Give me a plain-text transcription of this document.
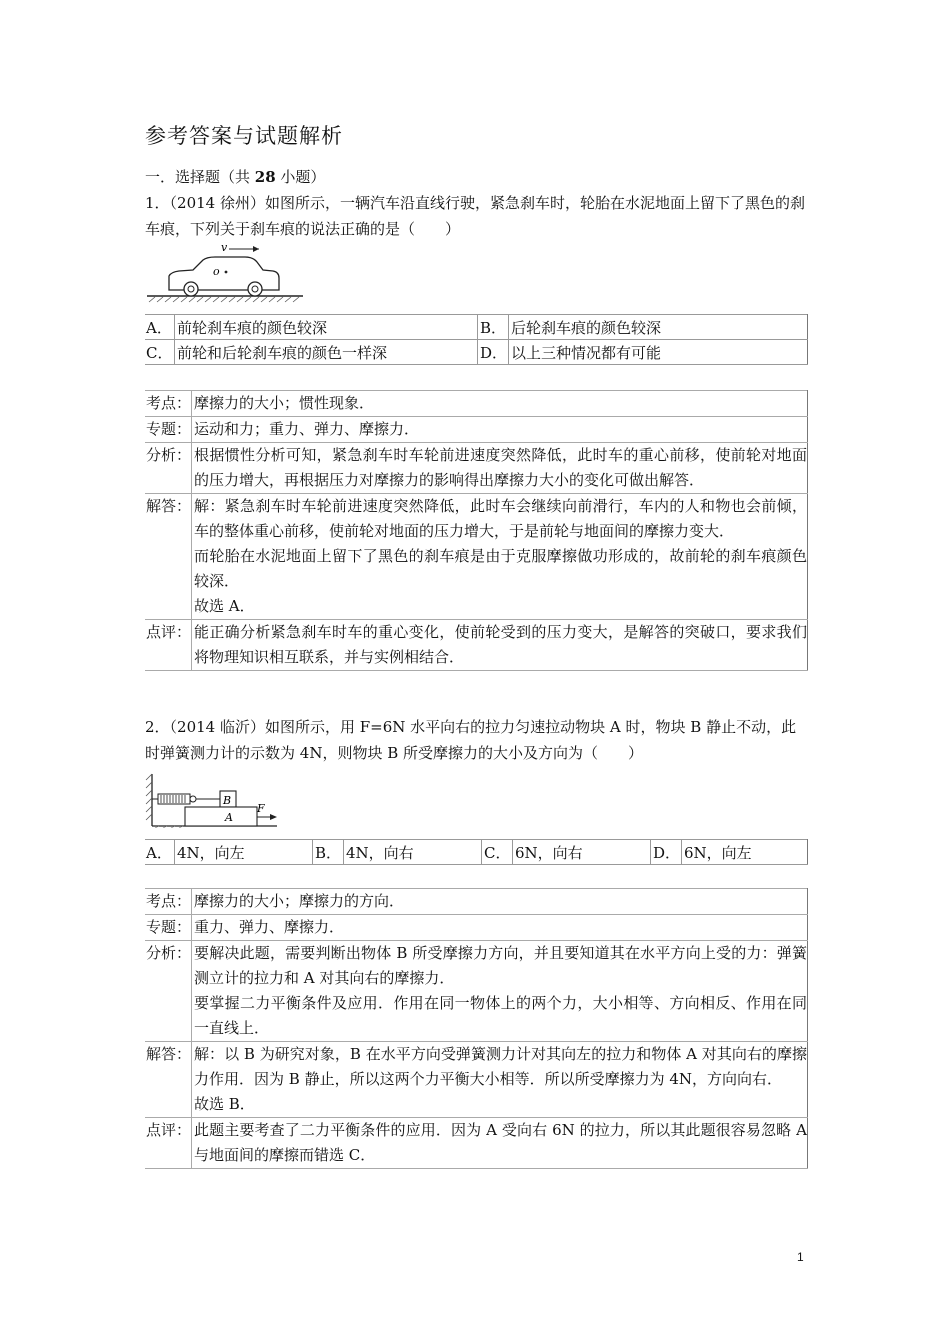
参考答案与试题解析
一．选择题（共 28 小题）
1．（2014 徐州）如图所示，一辆汽车沿直线行驶，紧急刹车时，轮胎在水泥地面上留下了黑色的刹车痕，下列关于刹车痕的说法正确的是（　　）
o
v
A．	前轮刹车痕的颜色较深	B．	后轮刹车痕的颜色较深
C．	前轮和后轮刹车痕的颜色一样深	D．	以上三种情况都有可能
考点：	摩擦力的大小；惯性现象．
专题：	运动和力；重力、弹力、摩擦力．
分析：	根据惯性分析可知，紧急刹车时车轮前进速度突然降低，此时车的重心前移，使前轮对地面的压力增大，再根据压力对摩擦力的影响得出摩擦力大小的变化可做出解答．
解答：	解：紧急刹车时车轮前进速度突然降低，此时车会继续向前滑行，车内的人和物也会前倾，车的整体重心前移，使前轮对地面的压力增大，于是前轮与地面间的摩擦力变大．
而轮胎在水泥地面上留下了黑色的刹车痕是由于克服摩擦做功形成的，故前轮的刹车痕颜色较深．
故选 A．

点评：	能正确分析紧急刹车时车的重心变化，使前轮受到的压力变大，是解答的突破口，要求我们将物理知识相互联系，并与实例相结合．
2．（2014 临沂）如图所示，用 F=6N 水平向右的拉力匀速拉动物块 A 时，物块 B 静止不动，此时弹簧测力计的示数为 4N，则物块 B 所受摩擦力的大小及方向为（　　）
B
A
F
A．	4N，向左	B．	4N，向右	C．	6N，向右	D．	6N，向左
考点：	摩擦力的大小；摩擦力的方向．
专题：	重力、弹力、摩擦力．
分析：	要解决此题，需要判断出物体 B 所受摩擦力方向，并且要知道其在水平方向上受的力：弹簧测立计的拉力和 A 对其向右的摩擦力．
要掌握二力平衡条件及应用．作用在同一物体上的两个力，大小相等、方向相反、作用在同一直线上．

解答：	解：以 B 为研究对象，B 在水平方向受弹簧测力计对其向左的拉力和物体 A 对其向右的摩擦力作用．因为 B 静止，所以这两个力平衡大小相等．所以所受摩擦力为 4N，方向向右．
故选 B．

点评：	此题主要考查了二力平衡条件的应用．因为 A 受向右 6N 的拉力，所以其此题很容易忽略 A 与地面间的摩擦而错选 C．
1
